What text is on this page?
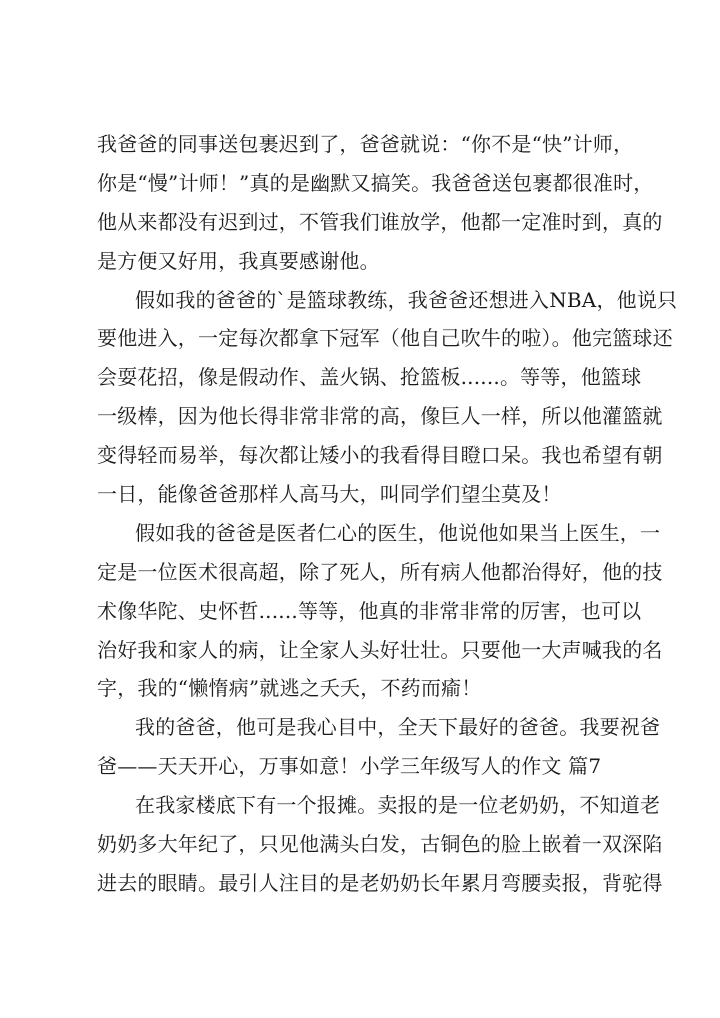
我爸爸的同事送包裹迟到了，爸爸就说：“你不是“快”计师，
你是“慢”计师！”真的是幽默又搞笑。我爸爸送包裹都很准时，
他从来都没有迟到过，不管我们谁放学，他都一定准时到，真的
是方便又好用，我真要感谢他。
假如我的爸爸的`是篮球教练，我爸爸还想进入NBA，他说只
要他进入，一定每次都拿下冠军（他自己吹牛的啦）。他完篮球还
会耍花招，像是假动作、盖火锅、抢篮板......。等等，他篮球
一级棒，因为他长得非常非常的高，像巨人一样，所以他灌篮就
变得轻而易举，每次都让矮小的我看得目瞪口呆。我也希望有朝
一日，能像爸爸那样人高马大，叫同学们望尘莫及！
假如我的爸爸是医者仁心的医生，他说他如果当上医生，一
定是一位医术很高超，除了死人，所有病人他都治得好，他的技
术像华陀、史怀哲......等等，他真的非常非常的厉害，也可以
治好我和家人的病，让全家人头好壮壮。只要他一大声喊我的名
字，我的“懒惰病”就逃之夭夭，不药而瘉！
我的爸爸，他可是我心目中，全天下最好的爸爸。我要祝爸
爸——天天开心，万事如意！小学三年级写人的作文 篇7
在我家楼底下有一个报摊。卖报的是一位老奶奶，不知道老
奶奶多大年纪了，只见他满头白发，古铜色的脸上嵌着一双深陷
进去的眼睛。最引人注目的是老奶奶长年累月弯腰卖报，背驼得
